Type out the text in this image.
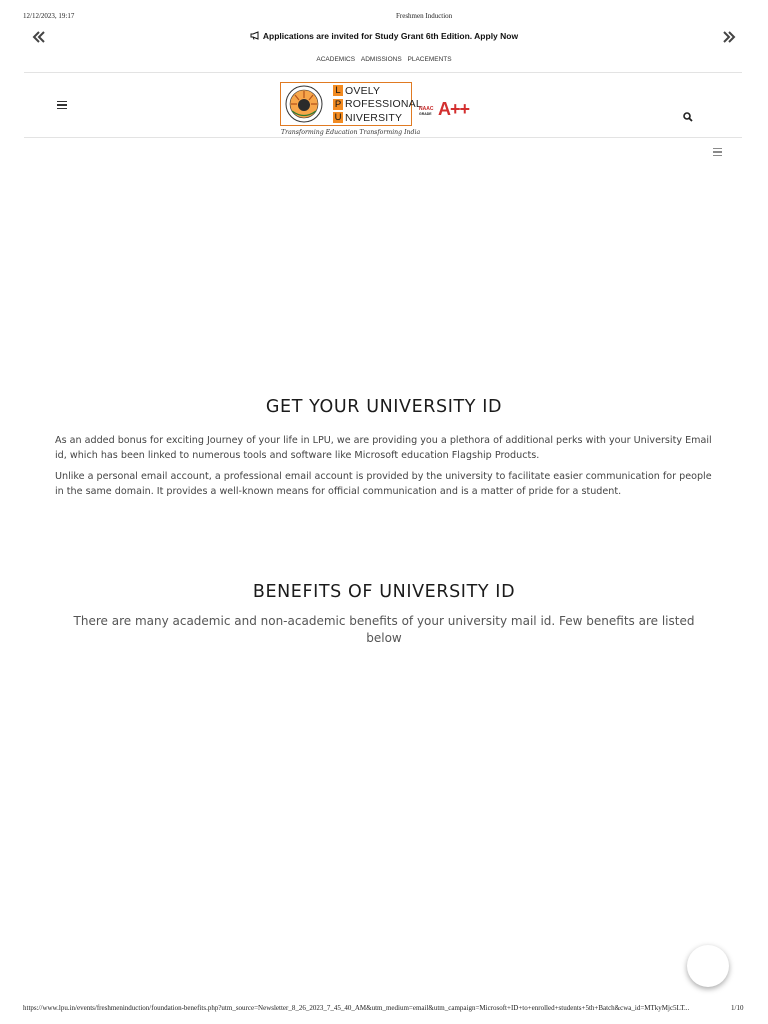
12/12/2023, 19:17	Freshmen Induction
Applications are invited for Study Grant 6th Edition. Apply Now
ACADEMICS ADMISSIONS PLACEMENTS
L OVELY
P ROFESSIONAL
U NIVERSITY
Transforming Education Transforming India
NAAC
GRADE A++
GET YOUR UNIVERSITY ID

As an added bonus for exciting Journey of your life in LPU, we are providing you a plethora of additional perks with your University Email id, which has been linked to numerous tools and software like Microsoft education Flagship Products.

Unlike a personal email account, a professional email account is provided by the university to facilitate easier communication for people in the same domain. It provides a well-known means for official communication and is a matter of pride for a student.

BENEFITS OF UNIVERSITY ID
There are many academic and non-academic benefits of your university mail id. Few benefits are listed below
https://www.lpu.in/events/freshmeninduction/foundation-benefits.php?utm_source=Newsletter_8_26_2023_7_45_40_AM&utm_medium=email&utm_campaign=Microsoft+ID+to+enrolled+students+5th+Batch&cwa_id=MTkyMjc5LT...	1/10
